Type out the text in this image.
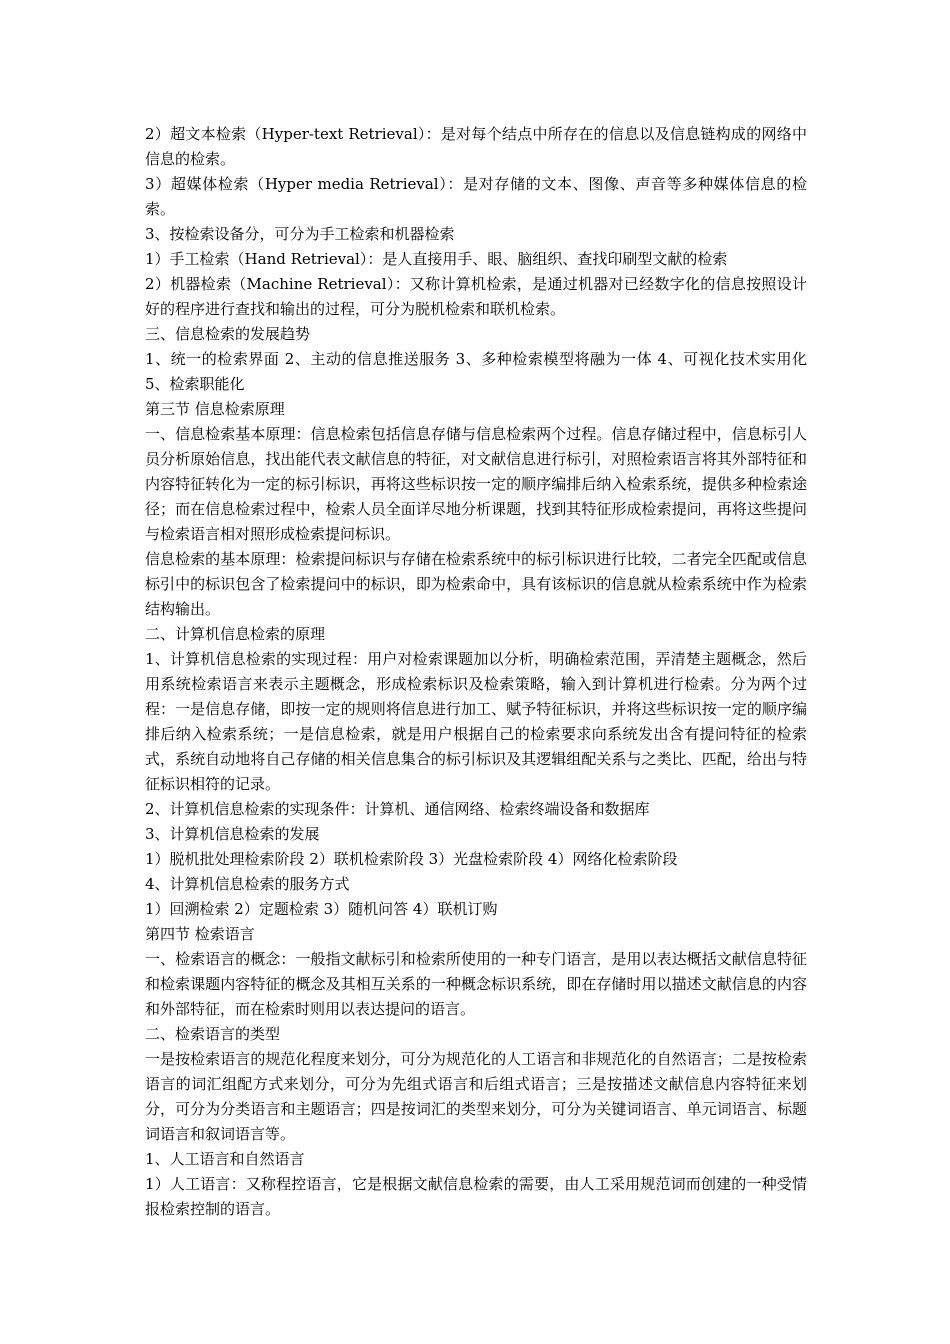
2）超文本检索（Hyper-text Retrieval）：是对每个结点中所存在的信息以及信息链构成的网络中信息的检索。

3）超媒体检索（Hyper media Retrieval）：是对存储的文本、图像、声音等多种媒体信息的检索。

3、按检索设备分，可分为手工检索和机器检索

1）手工检索（Hand Retrieval）：是人直接用手、眼、脑组织、查找印刷型文献的检索

2）机器检索（Machine Retrieval）：又称计算机检索，是通过机器对已经数字化的信息按照设计好的程序进行查找和输出的过程，可分为脱机检索和联机检索。

三、信息检索的发展趋势

1、统一的检索界面 2、主动的信息推送服务 3、多种检索模型将融为一体 4、可视化技术实用化 5、检索职能化

第三节 信息检索原理

一、信息检索基本原理：信息检索包括信息存储与信息检索两个过程。信息存储过程中，信息标引人员分析原始信息，找出能代表文献信息的特征，对文献信息进行标引，对照检索语言将其外部特征和内容特征转化为一定的标引标识，再将这些标识按一定的顺序编排后纳入检索系统，提供多种检索途径；而在信息检索过程中，检索人员全面详尽地分析课题，找到其特征形成检索提问，再将这些提问与检索语言相对照形成检索提问标识。

信息检索的基本原理：检索提问标识与存储在检索系统中的标引标识进行比较，二者完全匹配或信息标引中的标识包含了检索提问中的标识，即为检索命中，具有该标识的信息就从检索系统中作为检索结构输出。

二、计算机信息检索的原理

1、计算机信息检索的实现过程：用户对检索课题加以分析，明确检索范围，弄清楚主题概念，然后用系统检索语言来表示主题概念，形成检索标识及检索策略，输入到计算机进行检索。分为两个过程：一是信息存储，即按一定的规则将信息进行加工、赋予特征标识，并将这些标识按一定的顺序编排后纳入检索系统；一是信息检索，就是用户根据自己的检索要求向系统发出含有提问特征的检索式，系统自动地将自己存储的相关信息集合的标引标识及其逻辑组配关系与之类比、匹配，给出与特征标识相符的记录。

2、计算机信息检索的实现条件：计算机、通信网络、检索终端设备和数据库

3、计算机信息检索的发展

1）脱机批处理检索阶段 2）联机检索阶段 3）光盘检索阶段 4）网络化检索阶段

4、计算机信息检索的服务方式

1）回溯检索 2）定题检索 3）随机问答 4）联机订购

第四节 检索语言

一、检索语言的概念：一般指文献标引和检索所使用的一种专门语言，是用以表达概括文献信息特征和检索课题内容特征的概念及其相互关系的一种概念标识系统，即在存储时用以描述文献信息的内容和外部特征，而在检索时则用以表达提问的语言。

二、检索语言的类型

一是按检索语言的规范化程度来划分，可分为规范化的人工语言和非规范化的自然语言；二是按检索语言的词汇组配方式来划分，可分为先组式语言和后组式语言；三是按描述文献信息内容特征来划分，可分为分类语言和主题语言；四是按词汇的类型来划分，可分为关键词语言、单元词语言、标题词语言和叙词语言等。

1、人工语言和自然语言

1）人工语言：又称程控语言，它是根据文献信息检索的需要，由人工采用规范词而创建的一种受情报检索控制的语言。
